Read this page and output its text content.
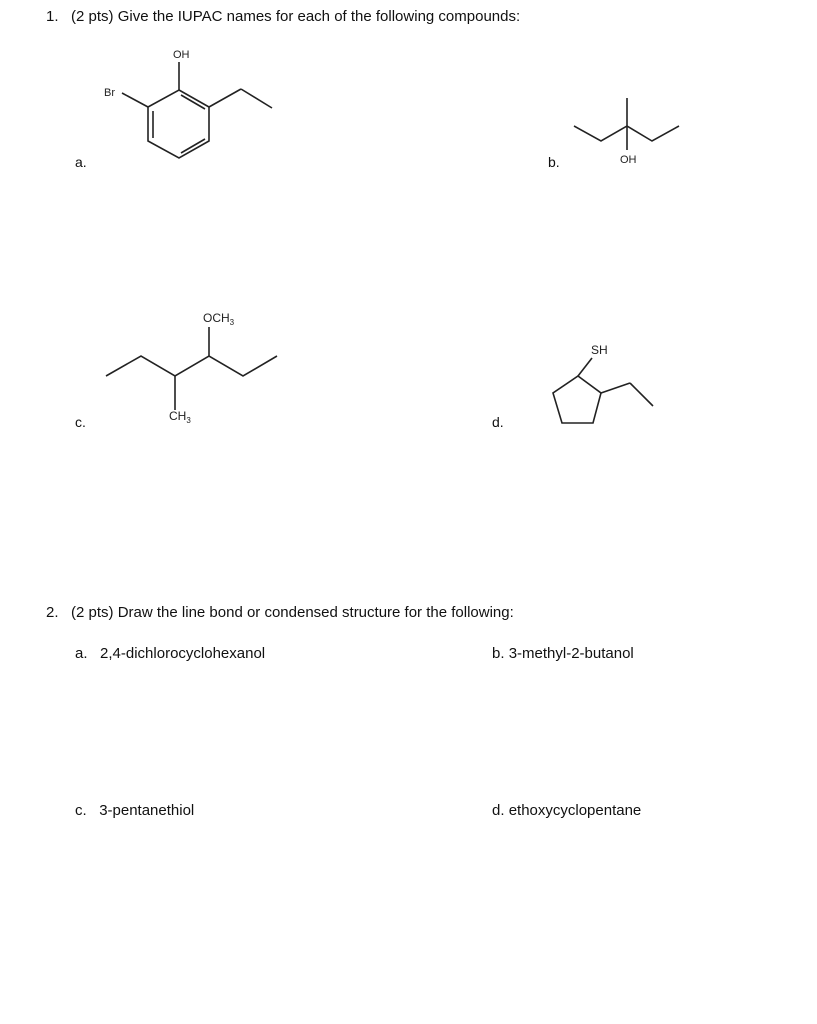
1. (2 pts) Give the IUPAC names for each of the following compounds:
a.	b.
c.	d.
OH
Br
OH
$OCH_3$
$CH_3$
SH
2. (2 pts) Draw the line bond or condensed structure for the following:
a. 2,4-dichlorocyclohexanol	b. 3-methyl-2-butanol
c. 3-pentanethiol	d. ethoxycyclopentane
